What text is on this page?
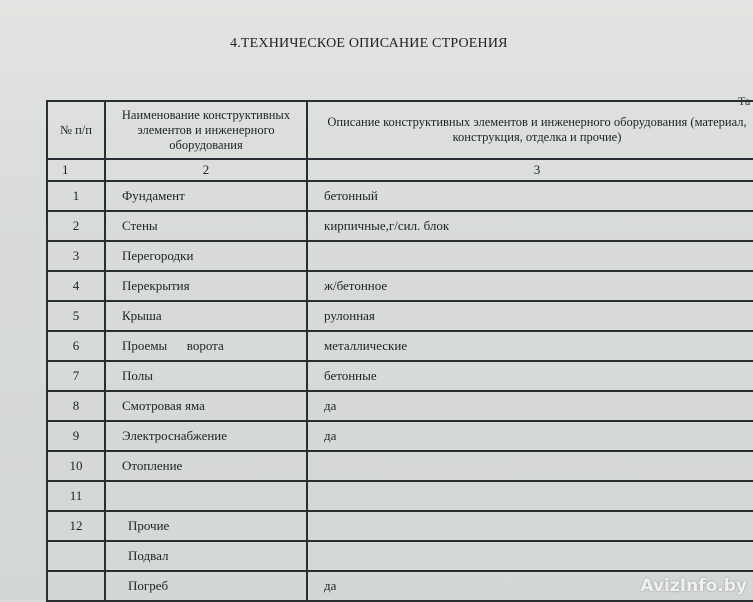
4.ТЕХНИЧЕСКОЕ ОПИСАНИЕ СТРОЕНИЯ
Та
№ п/п	Наименование конструктивных элементов и инженерного оборудования	Описание конструктивных элементов и инженерного оборудования (материал, конструкция, отделка и прочие)
1	2	3
1	Фундамент	бетонный
2	Стены	кирпичные,г/сил. блок
3	Перегородки	
4	Перекрытия	ж/бетонное
5	Крыша	рулонная
6	Проемы      ворота	металлические
7	Полы	бетонные
8	Смотровая яма	да
9	Электроснабжение	да
10	Отопление	
11		
12	Прочие	
	Подвал	
	Погреб	да	AvizInfo.by
